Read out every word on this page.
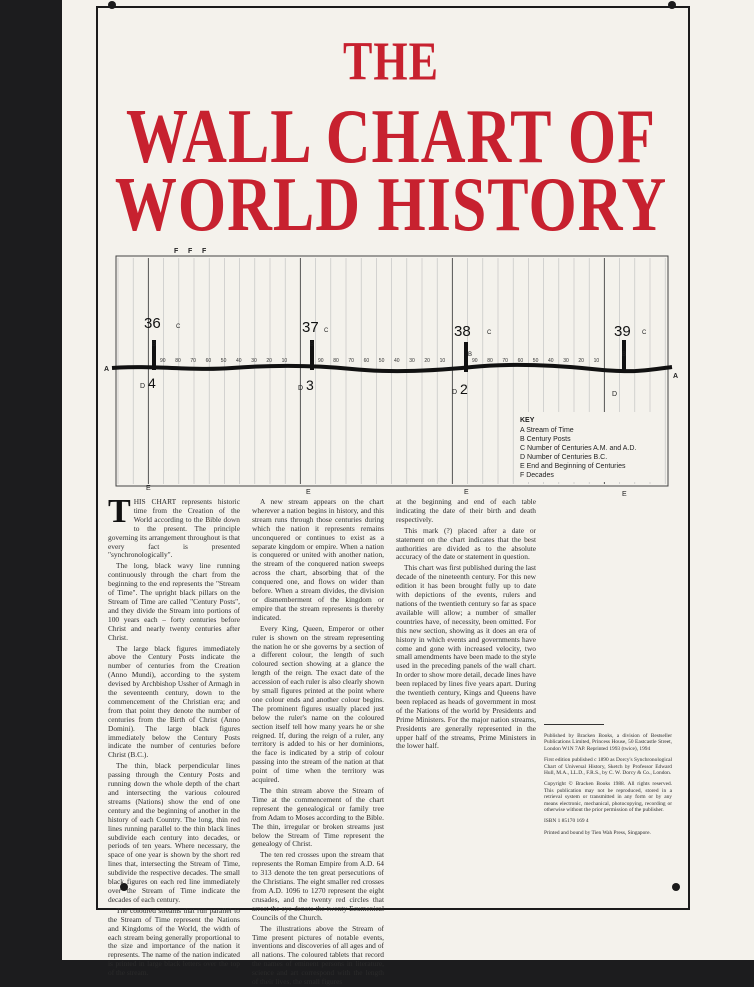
THE
WALL CHART OF
WORLD HISTORY
F F F
A
A
90 80 70 60 50 40 30 20 10	90 80 70 60 50 40 30 20 10	90 80 70 60 50 40 30 20 10
36	C
B
D 4
37 C
B
D 3
38	C
B
D 2
39 C
B
D
E
E	E	E
KEY
A Stream of Time
B Century Posts
C Number of Centuries A.M. and A.D.
D Number of Centuries B.C.
E End and Beginning of Centuries
F Decades

THIS CHART represents historic time from the Creation of the World according to the Bible down to the present. The principle governing its arrangement throughout is that every fact is presented "synchronologically".

The long, black wavy line running continuously through the chart from the beginning to the end represents the "Stream of Time". The upright black pillars on the Stream of Time are called "Century Posts", and they divide the Stream into portions of 100 years each – forty centuries before Christ and nearly twenty centuries after Christ.

The large black figures immediately above the Century Posts indicate the number of centuries from the Creation (Anno Mundi), according to the system devised by Archbishop Ussher of Armagh in the seventeenth century, down to the commencement of the Christian era; and from that point they denote the number of centuries from the Birth of Christ (Anno Domini). The large black figures immediately below the Century Posts indicate the number of centuries before Christ (B.C.).

The thin, black perpendicular lines passing through the Century Posts and running down the whole depth of the chart and intersecting the various coloured streams (Nations) show the end of one century and the beginning of another in the history of each Country. The long, thin red lines running parallel to the thin black lines subdivide each century into decades, or periods of ten years. Where necessary, the space of one year is shown by the short red lines that, intersecting the Stream of Time, subdivide the respective decades. The small black figures on each red line immediately over the Stream of Time indicate the decades of each century.

The coloured streams that run parallel to the Stream of Time represent the Nations and Kingdoms of the World, the width of each stream being generally proportional to the size and importance of the nation it represents. The name of the nation indicated is printed in large black letters over the top of the stream.

A new stream appears on the chart wherever a nation begins in history, and this stream runs through those centuries during which the nation it represents remains unconquered or continues to exist as a separate kingdom or empire. When a nation is conquered or united with another nation, the stream of the conquered nation sweeps across the chart, absorbing that of the conquered one, and flows on wider than before. When a stream divides, the division or dismemberment of the kingdom or empire that the stream represents is thereby indicated.

Every King, Queen, Emperor or other ruler is shown on the stream representing the nation he or she governs by a section of a different colour, the length of such coloured section showing at a glance the length of the reign. The exact date of the accession of each ruler is also clearly shown by small figures printed at the point where one colour ends and another colour begins. The prominent figures usually placed just below the ruler's name on the coloured section itself tell how many years he or she reigned. If, during the reign of a ruler, any territory is added to his or her dominions, the face is indicated by a strip of colour passing into the stream of the nation at that point of time when the territory was acquired.

The thin stream above the Stream of Time at the commencement of the chart represent the genealogical or family tree from Adam to Moses according to the Bible. The thin, irregular or broken streams just below the Stream of Time represent the genealogy of Christ.

The ten red crosses upon the stream that represents the Roman Empire from A.D. 64 to 313 denote the ten great persecutions of the Christians. The eight smaller red crosses from A.D. 1096 to 1270 represent the eight crusades, and the twenty red circles that arrest the eye denote the twenty Ecumenical Councils of the Church.

The illustrations above the Stream of Time present pictures of notable events, inventions and discoveries of all ages and of all nations. The coloured tablets that record the names of eminent persons in literature, science and art correspond with the length of their lives, the small figures

at the beginning and end of each table indicating the date of their birth and death respectively.

This mark (?) placed after a date or statement on the chart indicates that the best authorities are divided as to the absolute accuracy of the date or statement in question.

This chart was first published during the last decade of the nineteenth century. For this new edition it has been brought fully up to date with depictions of the events, rulers and nations of the twentieth century so far as space available will allow; a number of smaller countries have, of necessity, been omitted. For this new section, showing as it does an era of history in which events and governments have come and gone with increased velocity, two small amendments have been made to the style used in the preceding panels of the wall chart. In order to show more detail, decade lines have been replaced by lines five years apart. During the twentieth century, Kings and Queens have been replaced as heads of government in most of the Nations of the world by Presidents and Prime Ministers. For the major nation streams, Presidents are generally represented in the upper half of the streams, Prime Ministers in the lower half.

Published by Bracken Books, a division of Bestseller Publications Limited, Princess House, 50 Eastcastle Street, London W1N 7AP. Reprinted 1993 (twice), 1994

First edition published c 1890 as Dorcy's Synchronological Chart of Universal History, Sketch by Professor Edward Hull, M.A., LL.D., F.R.S., by C. W. Dorcy & Co., London.

Copyright © Bracken Books 1988. All rights reserved. This publication may not be reproduced, stored in a retrieval system or transmitted in any form or by any means electronic, mechanical, photocopying, recording or otherwise without the prior permission of the publisher.

ISBN 1 85170 169 4

Printed and bound by Tien Wah Press, Singapore.
